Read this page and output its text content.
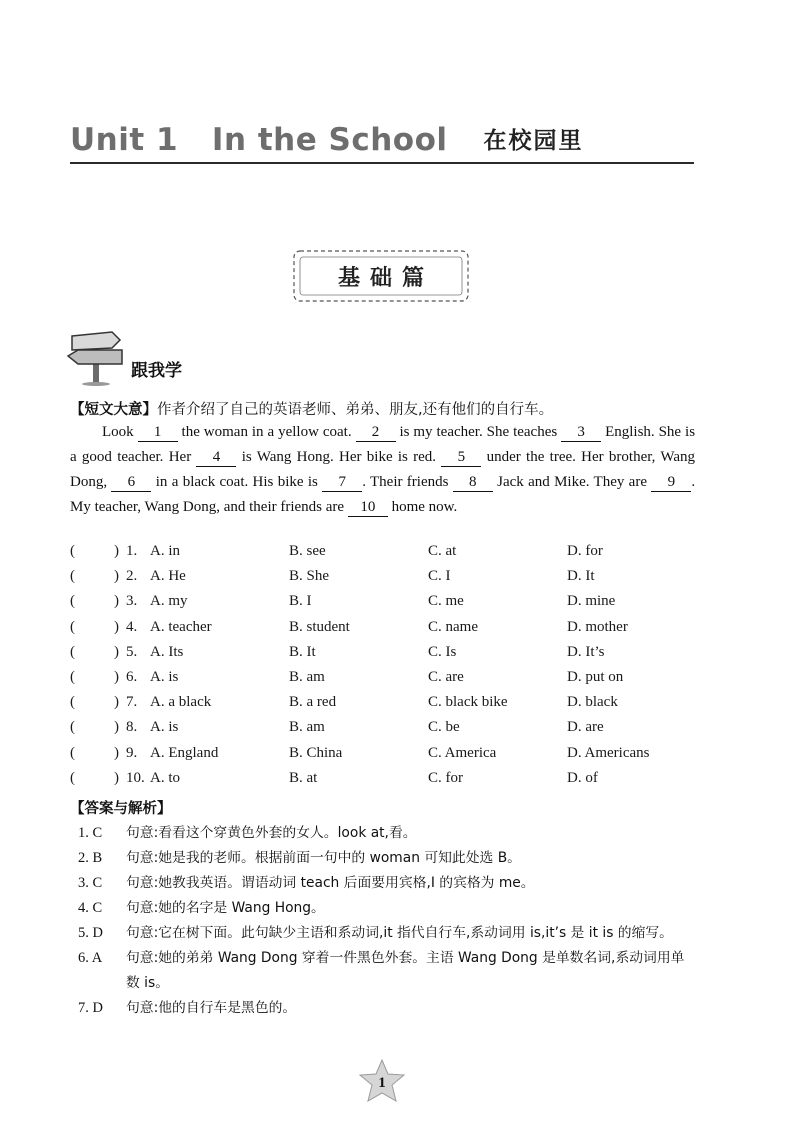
Unit 1   In the School 在校园里
基础篇
跟我学
【短文大意】作者介绍了自己的英语老师、弟弟、朋友,还有他们的自行车。

Look 1 the woman in a yellow coat. 2 is my teacher. She teaches 3 English. She is a good teacher. Her 4 is Wang Hong. Her bike is red. 5 under the tree. Her brother, Wang Dong, 6 in a black coat. His bike is 7 . Their friends 8 Jack and Mike. They are 9 . My teacher, Wang Dong, and their friends are 10 home now.

(	) 1. A. in	B. see	C. at	D. for
(	) 2. A. He	B. She	C. I	D. It
(	) 3. A. my	B. I	C. me	D. mine
(	) 4. A. teacher	B. student	C. name	D. mother
(	) 5. A. Its	B. It	C. Is	D. It’s
(	) 6. A. is	B. am	C. are	D. put on
(	) 7. A. a black	B. a red	C. black bike	D. black
(	) 8. A. is	B. am	C. be	D. are
(	) 9. A. England	B. China	C. America	D. Americans
(	) 10. A. to	B. at	C. for	D. of
【答案与解析】
1. C	句意:看看这个穿黄色外套的女人。look at,看。
2. B	句意:她是我的老师。根据前面一句中的 woman 可知此处选 B。
3. C	句意:她教我英语。谓语动词 teach 后面要用宾格,I 的宾格为 me。
4. C	句意:她的名字是 Wang Hong。
5. D	句意:它在树下面。此句缺少主语和系动词,it 指代自行车,系动词用 is,it’s 是 it is 的缩写。
6. A	句意:她的弟弟 Wang Dong 穿着一件黑色外套。主语 Wang Dong 是单数名词,系动词用单数 is。
7. D	句意:他的自行车是黑色的。
1
